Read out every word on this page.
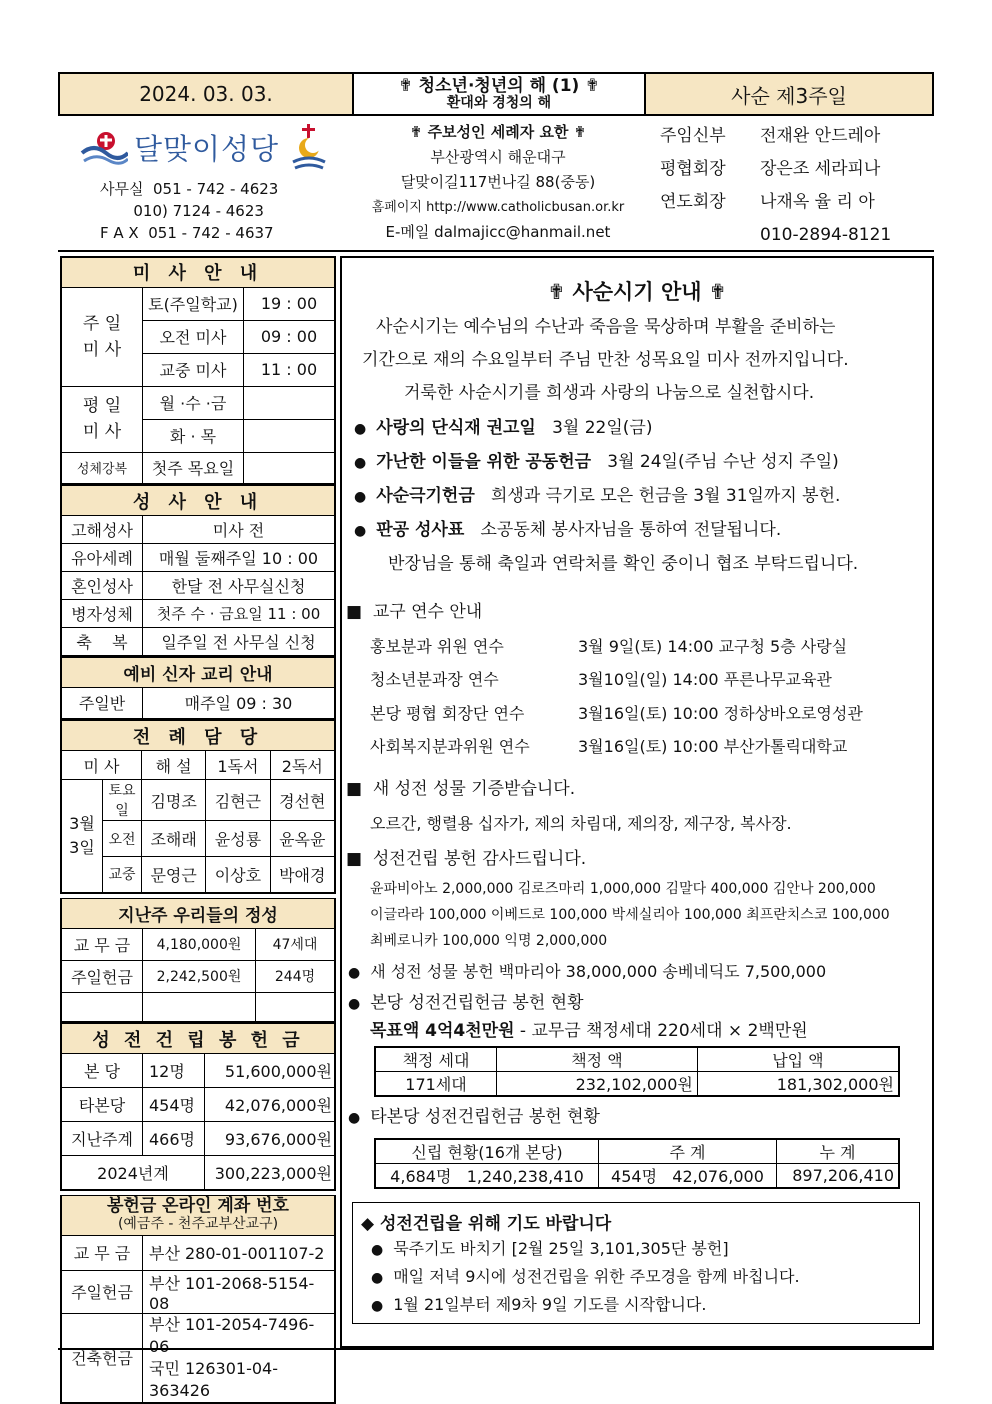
2024. 03. 03.	✟ 청소년·청년의 해 (1) ✟
환대와 경청의 해	사순 제3주일
달맞이성당
사무실  051 - 742 - 4623
010) 7124 - 4623
F A X  051 - 742 - 4637
✟ 주보성인 세례자 요한 ✟
부산광역시 해운대구
달맞이길117번나길 88(중동)
홈페이지 http://www.catholicbusan.or.kr
E-메일 dalmajicc@hanmail.net
주임신부	전재완 안드레아
평협회장	장은조 세라피나
연도회장	나재옥 율 리 아
010-2894-8121
미 사 안 내		
주 일
미 사	토(주일학교)	19 : 00
	오전 미사	09 : 00
	교중 미사	11 : 00
평 일
미 사	월 ·수 ·금	
	화 · 목	
성체강복	첫주 목요일	
성 사 안 내	
고해성사	미사 전
유아세례	매월 둘째주일 10 : 00
혼인성사	한달 전 사무실신청
병자성체	첫주 수 · 금요일 11 : 00
축    복	일주일 전 사무실 신청
예비 신자 교리 안내
주일반	매주일 09 : 30
전 례 담 당				
미 사		해 설	1독서	2독서
3월
3일	토요일	김명조	김현근	경선현
	오전	조해래	윤성룡	윤옥윤
	교중	문영근	이상호	박애경
지난주 우리들의 정성		
교 무 금	4,180,000원	47세대
주일헌금	2,242,500원	244명

성 전 건 립 봉 헌 금		
본 당	12명	51,600,000원
타본당	454명	42,076,000원
지난주계	466명	93,676,000원
2024년계		300,223,000원
봉헌금 온라인 계좌 번호
(예금주 - 천주교부산교구)	

교 무 금	부산 280-01-001107-2
주일헌금	부산 101-2068-5154-08
건축헌금	부산 101-2054-7496-06
국민 126301-04-363426
✟ 사순시기 안내 ✟
사순시기는 예수님의 수난과 죽음을 묵상하며 부활을 준비하는
기간으로 재의 수요일부터 주님 만찬 성목요일 미사 전까지입니다.
거룩한 사순시기를 희생과 사랑의 나눔으로 실천합시다.
● 사랑의 단식재 권고일 3월 22일(금)
● 가난한 이들을 위한 공동헌금 3월 24일(주님 수난 성지 주일)
● 사순극기헌금 희생과 극기로 모은 헌금을 3월 31일까지 봉헌.
● 판공 성사표 소공동체 봉사자님을 통하여 전달됩니다.
반장님을 통해 축일과 연락처를 확인 중이니 협조 부탁드립니다.
■ 교구 연수 안내
홍보분과 위원 연수	3월 9일(토) 14:00 교구청 5층 사랑실
청소년분과장 연수	3월10일(일) 14:00 푸른나무교육관
본당 평협 회장단 연수	3월16일(토) 10:00 정하상바오로영성관
사회복지분과위원 연수	3월16일(토) 10:00 부산가톨릭대학교
■ 새 성전 성물 기증받습니다.
오르간, 행렬용 십자가, 제의 차림대, 제의장, 제구장, 복사장.
■ 성전건립 봉헌 감사드립니다.
윤파비아노 2,000,000 김로즈마리 1,000,000 김말다 400,000 김안나 200,000
이글라라 100,000 이베드로 100,000 박세실리아 100,000 최프란치스코 100,000
최베로니카 100,000 익명 2,000,000
● 새 성전 성물 봉헌 백마리아 38,000,000 송베네딕도 7,500,000
● 본당 성전건립헌금 봉헌 현황
목표액 4억4천만원 - 교무금 책정세대 220세대 × 2백만원
책정 세대	책정 액	납입 액
171세대	232,102,000원	181,302,000원
● 타본당 성전건립헌금 봉헌 현황
신립 현황(16개 본당)	주 계	누 계
4,684명   1,240,238,410	454명   42,076,000	897,206,410
◆ 성전건립을 위해 기도 바랍니다
● 묵주기도 바치기 [2월 25일 3,101,305단 봉헌]
● 매일 저녁 9시에 성전건립을 위한 주모경을 함께 바칩니다.
● 1월 21일부터 제9차 9일 기도를 시작합니다.
